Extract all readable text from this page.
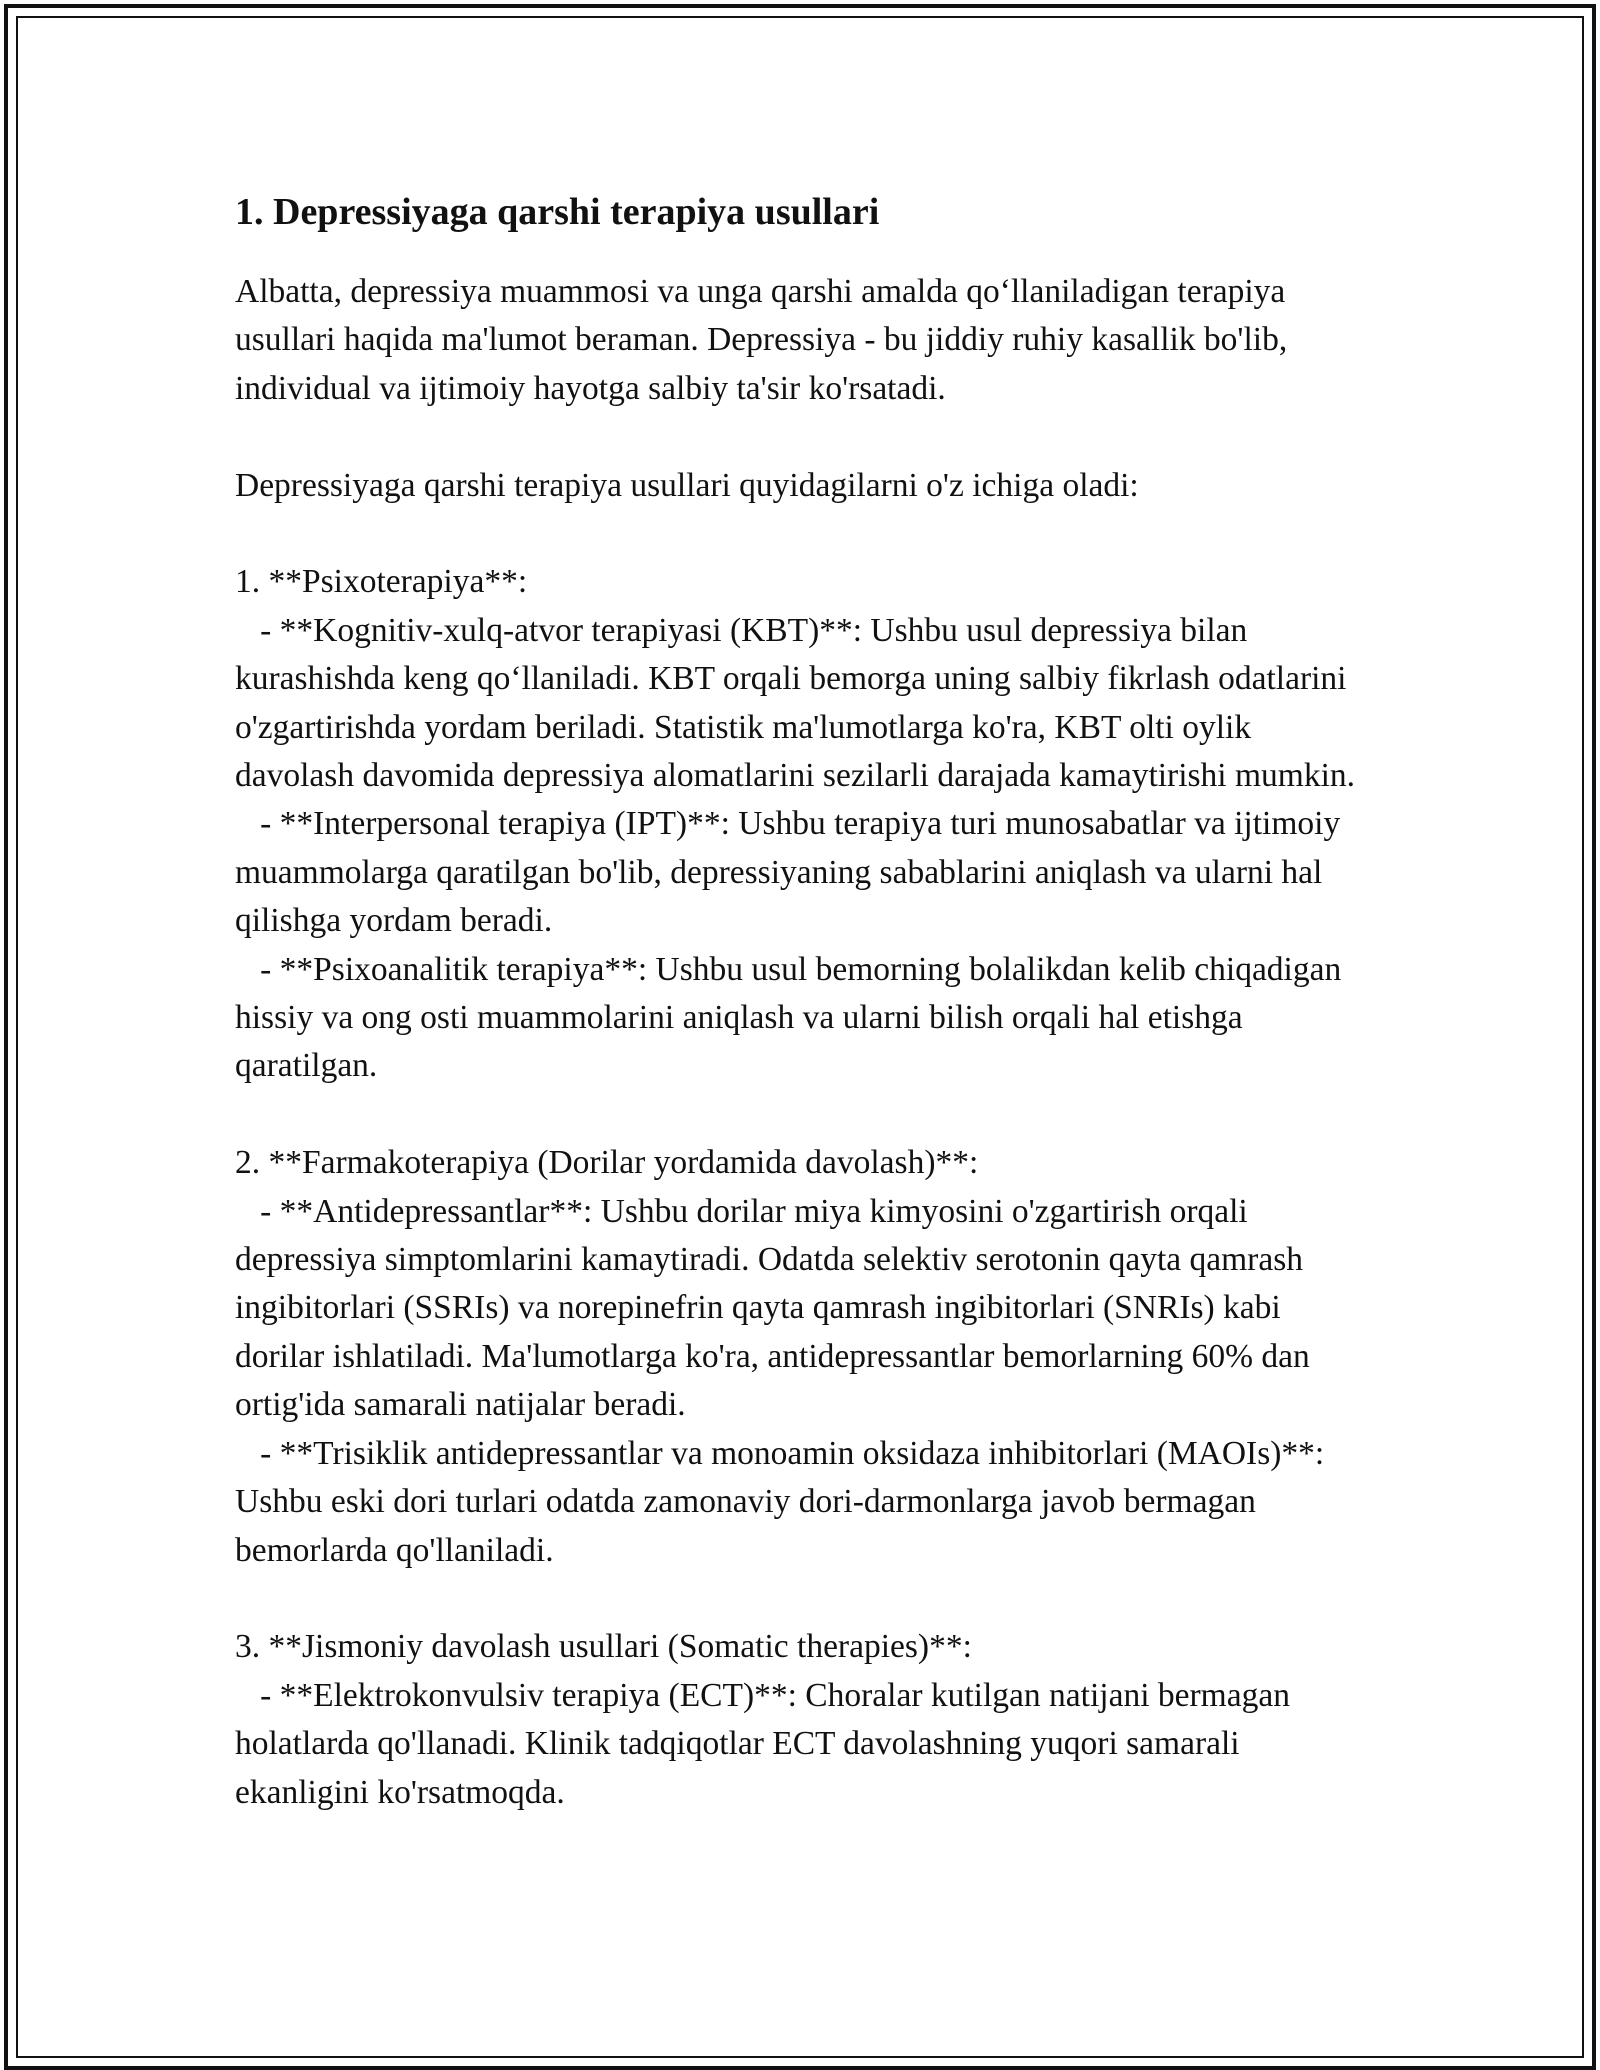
1. Depressiyaga qarshi terapiya usullari

Albatta, depressiya muammosi va unga qarshi amalda qo‘llaniladigan terapiya usullari haqida ma'lumot beraman. Depressiya - bu jiddiy ruhiy kasallik bo'lib, individual va ijtimoiy hayotga salbiy ta'sir ko'rsatadi.

Depressiyaga qarshi terapiya usullari quyidagilarni o'z ichiga oladi:

1. **Psixoterapiya**:
- **Kognitiv-xulq-atvor terapiyasi (KBT)**: Ushbu usul depressiya bilan kurashishda keng qo‘llaniladi. KBT orqali bemorga uning salbiy fikrlash odatlarini o'zgartirishda yordam beriladi. Statistik ma'lumotlarga ko'ra, KBT olti oylik davolash davomida depressiya alomatlarini sezilarli darajada kamaytirishi mumkin.
- **Interpersonal terapiya (IPT)**: Ushbu terapiya turi munosabatlar va ijtimoiy muammolarga qaratilgan bo'lib, depressiyaning sabablarini aniqlash va ularni hal qilishga yordam beradi.
- **Psixoanalitik terapiya**: Ushbu usul bemorning bolalikdan kelib chiqadigan hissiy va ong osti muammolarini aniqlash va ularni bilish orqali hal etishga qaratilgan.

2. **Farmakoterapiya (Dorilar yordamida davolash)**:
- **Antidepressantlar**: Ushbu dorilar miya kimyosini o'zgartirish orqali depressiya simptomlarini kamaytiradi. Odatda selektiv serotonin qayta qamrash ingibitorlari (SSRIs) va norepinefrin qayta qamrash ingibitorlari (SNRIs) kabi dorilar ishlatiladi. Ma'lumotlarga ko'ra, antidepressantlar bemorlarning 60% dan ortig'ida samarali natijalar beradi.
- **Trisiklik antidepressantlar va monoamin oksidaza inhibitorlari (MAOIs)**: Ushbu eski dori turlari odatda zamonaviy dori-darmonlarga javob bermagan bemorlarda qo'llaniladi.

3. **Jismoniy davolash usullari (Somatic therapies)**:
- **Elektrokonvulsiv terapiya (ECT)**: Choralar kutilgan natijani bermagan holatlarda qo'llanadi. Klinik tadqiqotlar ECT davolashning yuqori samarali ekanligini ko'rsatmoqda.
